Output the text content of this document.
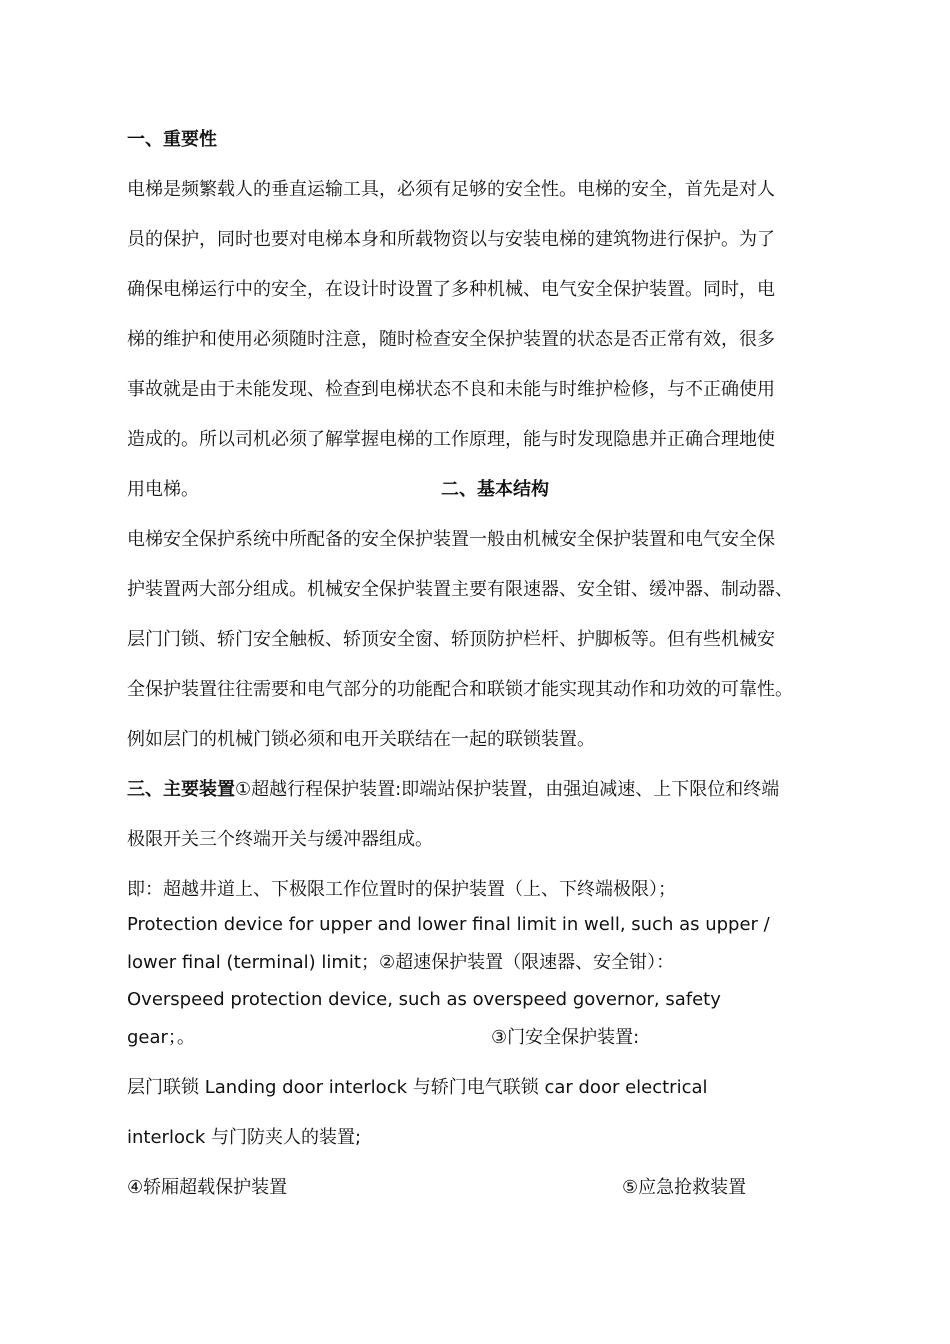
一、重要性

电梯是频繁载人的垂直运输工具，必须有足够的安全性。电梯的安全，首先是对人

员的保护，同时也要对电梯本身和所载物资以与安装电梯的建筑物进行保护。为了

确保电梯运行中的安全，在设计时设置了多种机械、电气安全保护装置。同时，电

梯的维护和使用必须随时注意，随时检查安全保护装置的状态是否正常有效，很多

事故就是由于未能发现、检查到电梯状态不良和未能与时维护检修，与不正确使用

造成的。所以司机必须了解掌握电梯的工作原理，能与时发现隐患并正确合理地使

用电梯。	二、基本结构

电梯安全保护系统中所配备的安全保护装置一般由机械安全保护装置和电气安全保

护装置两大部分组成。机械安全保护装置主要有限速器、安全钳、缓冲器、制动器、

层门门锁、轿门安全触板、轿顶安全窗、轿顶防护栏杆、护脚板等。但有些机械安

全保护装置往往需要和电气部分的功能配合和联锁才能实现其动作和功效的可靠性。

例如层门的机械门锁必须和电开关联结在一起的联锁装置。

三、主要装置①超越行程保护装置:即端站保护装置，由强迫减速、上下限位和终端

极限开关三个终端开关与缓冲器组成。

即：超越井道上、下极限工作位置时的保护装置（上、下终端极限）；

Protection device for upper and lower final limit in well, such as upper /

lower final (terminal) limit；②超速保护装置（限速器、安全钳）：

Overspeed protection device, such as overspeed governor, safety

gear；。	③门安全保护装置:

层门联锁 Landing door interlock 与轿门电气联锁 car door electrical

interlock 与门防夹人的装置;

④轿厢超载保护装置	⑤应急抢救装置
